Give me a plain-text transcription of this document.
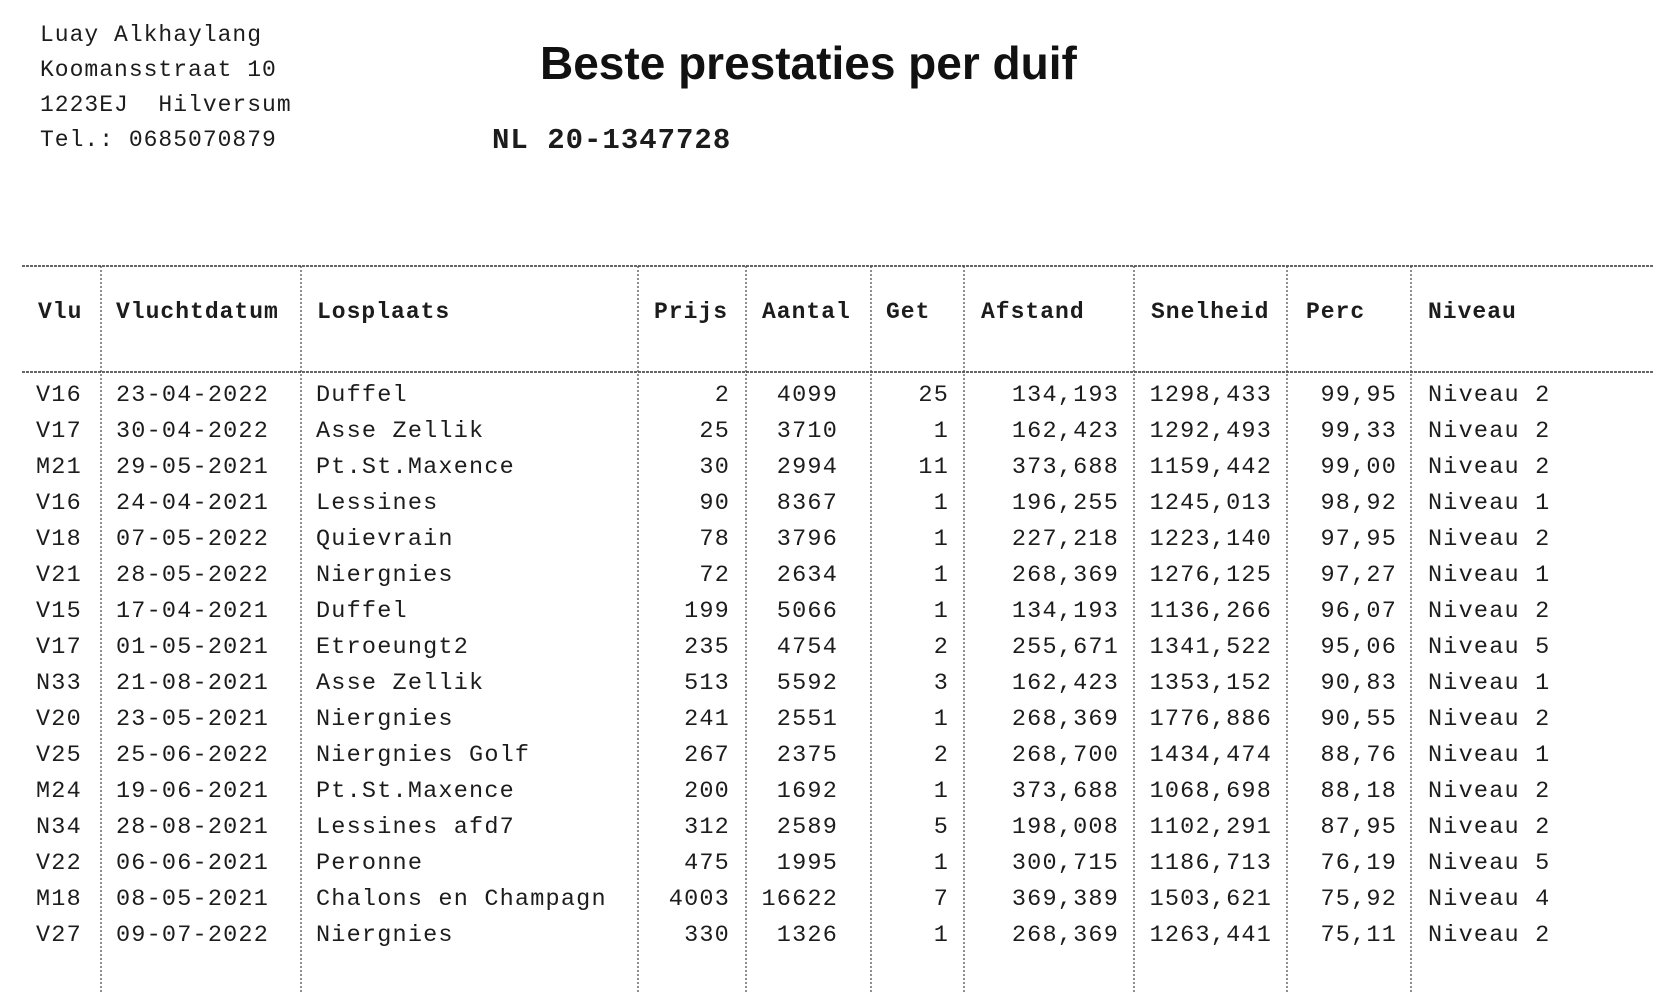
Luay Alkhaylang
Koomansstraat 10
1223EJ  Hilversum
Tel.: 0685070879
Beste prestaties per duif
NL 20-1347728
Vlu Vluchtdatum Losplaats	Prijs Aantal Get Afstand	Snelheid Perc	Niveau
V16	23-04-2022	Duffel	2	4099	25	134,193	1298,433	99,95 Niveau 2
V17	30-04-2022	Asse Zellik	25	3710	1	162,423	1292,493	99,33 Niveau 2
M21	29-05-2021	Pt.St.Maxence	30	2994	11	373,688	1159,442	99,00 Niveau 2
V16	24-04-2021	Lessines	90	8367	1	196,255	1245,013	98,92 Niveau 1
V18	07-05-2022	Quievrain	78	3796	1	227,218	1223,140	97,95 Niveau 2
V21	28-05-2022	Niergnies	72	2634	1	268,369	1276,125	97,27 Niveau 1
V15	17-04-2021	Duffel	199	5066	1	134,193	1136,266	96,07 Niveau 2
V17	01-05-2021	Etroeungt2	235	4754	2	255,671	1341,522	95,06 Niveau 5
N33	21-08-2021	Asse Zellik	513	5592	3	162,423	1353,152	90,83 Niveau 1
V20	23-05-2021	Niergnies	241	2551	1	268,369	1776,886	90,55 Niveau 2
V25	25-06-2022	Niergnies Golf	267	2375	2	268,700	1434,474	88,76 Niveau 1
M24	19-06-2021	Pt.St.Maxence	200	1692	1	373,688	1068,698	88,18 Niveau 2
N34	28-08-2021	Lessines afd7	312	2589	5	198,008	1102,291	87,95 Niveau 2
V22	06-06-2021	Peronne	475	1995	1	300,715	1186,713	76,19 Niveau 5
M18	08-05-2021	Chalons en Champagn	4003	16622	7	369,389	1503,621	75,92 Niveau 4
V27	09-07-2022	Niergnies	330	1326	1	268,369	1263,441	75,11 Niveau 2
